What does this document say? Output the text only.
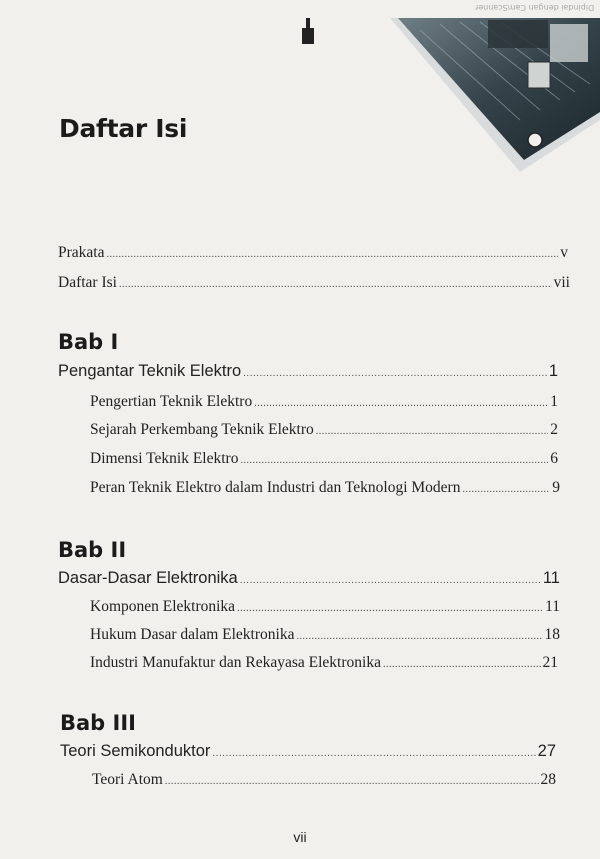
Dipindai dengan CamScanner
Daftar Isi
Prakata .....	v
Daftar Isi .....	vii
Bab I
Pengantar Teknik Elektro .....	1
Pengertian Teknik Elektro .....	1
Sejarah Perkembang Teknik Elektro .....	2
Dimensi Teknik Elektro .....	6
Peran Teknik Elektro dalam Industri dan Teknologi Modern .....	9
Bab II
Dasar-Dasar Elektronika .....	11
Komponen Elektronika .....	11
Hukum Dasar dalam Elektronika .....	18
Industri Manufaktur dan Rekayasa Elektronika .....	21
Bab III
Teori Semikonduktor .....	27
Teori Atom .....	28
vii
